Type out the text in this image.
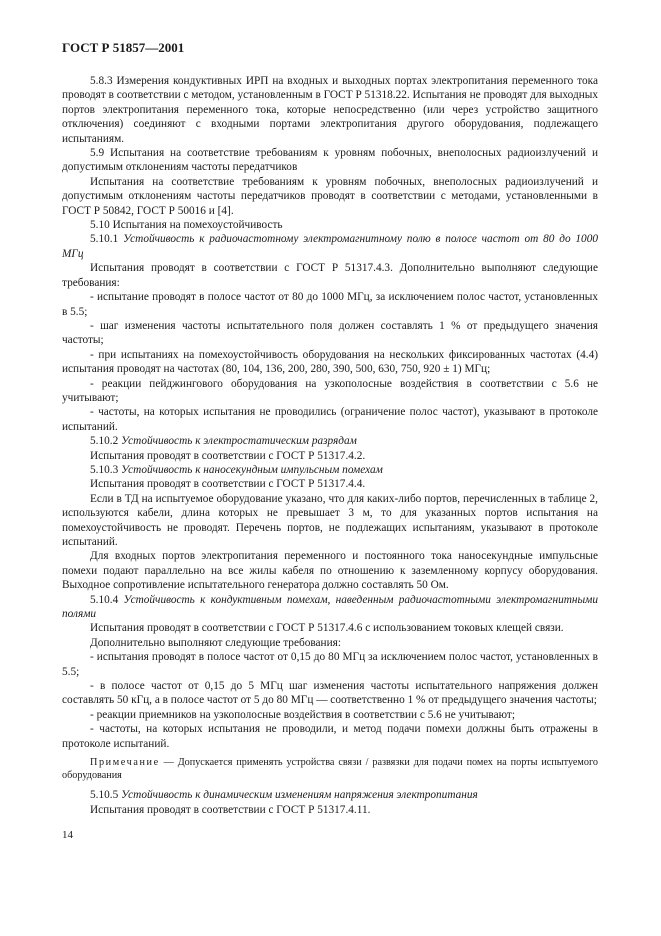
ГОСТ Р 51857—2001

5.8.3 Измерения кондуктивных ИРП на входных и выходных портах электропитания переменного тока проводят в соответствии с методом, установленным в ГОСТ Р 51318.22. Испытания не проводят для выходных портов электропитания переменного тока, которые непосредственно (или через устройство защитного отключения) соединяют с входными портами электропитания другого оборудования, подлежащего испытаниям.

5.9 Испытания на соответствие требованиям к уровням побочных, внеполосных радиоизлучений и допустимым отклонениям частоты передатчиков

Испытания на соответствие требованиям к уровням побочных, внеполосных радиоизлучений и допустимым отклонениям частоты передатчиков проводят в соответствии с методами, установленными в ГОСТ Р 50842, ГОСТ Р 50016 и [4].

5.10 Испытания на помехоустойчивость

5.10.1 Устойчивость к радиочастотному электромагнитному полю в полосе частот от 80 до 1000 МГц

Испытания проводят в соответствии с ГОСТ Р 51317.4.3. Дополнительно выполняют следующие требования:

- испытание проводят в полосе частот от 80 до 1000 МГц, за исключением полос частот, установленных в 5.5;

- шаг изменения частоты испытательного поля должен составлять 1 % от предыдущего значения частоты;

- при испытаниях на помехоустойчивость оборудования на нескольких фиксированных частотах (4.4) испытания проводят на частотах (80, 104, 136, 200, 280, 390, 500, 630, 750, 920 ± 1) МГц;

- реакции пейджингового оборудования на узкополосные воздействия в соответствии с 5.6 не учитывают;

- частоты, на которых испытания не проводились (ограничение полос частот), указывают в протоколе испытаний.

5.10.2 Устойчивость к электростатическим разрядам

Испытания проводят в соответствии с ГОСТ Р 51317.4.2.

5.10.3 Устойчивость к наносекундным импульсным помехам

Испытания проводят в соответствии с ГОСТ Р 51317.4.4.

Если в ТД на испытуемое оборудование указано, что для каких-либо портов, перечисленных в таблице 2, используются кабели, длина которых не превышает 3 м, то для указанных портов испытания на помехоустойчивость не проводят. Перечень портов, не подлежащих испытаниям, указывают в протоколе испытаний.

Для входных портов электропитания переменного и постоянного тока наносекундные импульсные помехи подают параллельно на все жилы кабеля по отношению к заземленному корпусу оборудования. Выходное сопротивление испытательного генератора должно составлять 50 Ом.

5.10.4 Устойчивость к кондуктивным помехам, наведенным радиочастотными электромагнитными полями

Испытания проводят в соответствии с ГОСТ Р 51317.4.6 с использованием токовых клещей связи.

Дополнительно выполняют следующие требования:

- испытания проводят в полосе частот от 0,15 до 80 МГц за исключением полос частот, установленных в 5.5;

- в полосе частот от 0,15 до 5 МГц шаг изменения частоты испытательного напряжения должен составлять 50 кГц, а в полосе частот от 5 до 80 МГц — соответственно 1 % от предыдущего значения частоты;

- реакции приемников на узкополосные воздействия в соответствии с 5.6 не учитывают;

- частоты, на которых испытания не проводили, и метод подачи помехи должны быть отражены в протоколе испытаний.

Примечание — Допускается применять устройства связи / развязки для подачи помех на порты испытуемого оборудования

5.10.5 Устойчивость к динамическим изменениям напряжения электропитания

Испытания проводят в соответствии с ГОСТ Р 51317.4.11.

14
